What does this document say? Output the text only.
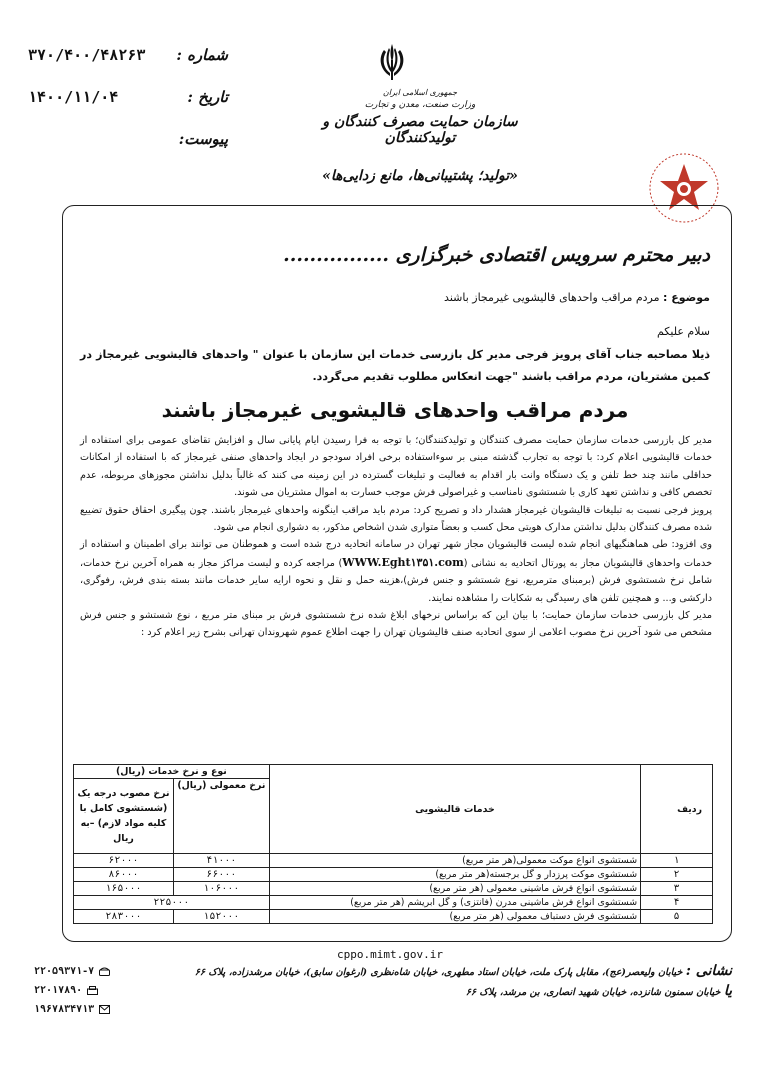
شماره :
۳۷۰/۴۰۰/۴۸۲۶۳
تاریخ :
۱۴۰۰/۱۱/۰۴
پیوست:
جمهوری اسلامی ایران
وزارت صنعت، معدن و تجارت
سازمان حمایت مصرف کنندگان و تولیدکنندگان
«تولید؛ پشتیبانی‌ها، مانع زدایی‌ها»
دبیر محترم سرویس اقتصادی خبرگزاری ................
موضوع : مردم مراقب واحدهای قالیشویی غیرمجاز باشند
سلام علیکم
ذیلا مصاحبه جناب آقای پرویز فرجی مدیر کل بازرسی خدمات این سازمان با عنوان " واحدهای قالیشویی غیرمجاز در کمین مشتریان، مردم مراقب باشند "جهت انعکاس مطلوب تقدیم می‌گردد.
مردم مراقب واحدهای قالیشویی غیرمجاز باشند

مدیر کل بازرسی خدمات سازمان حمایت مصرف کنندگان و تولیدکنندگان؛ با توجه به فرا رسیدن ایام پایانی سال و افزایش تقاضای عمومی برای استفاده از خدمات قالیشویی اعلام کرد: با توجه به تجارب گذشته مبنی بر سوءاستفاده برخی افراد سودجو در ایجاد واحدهای صنفی غیرمجاز که با استفاده از امکانات حداقلی مانند چند خط تلفن و یک دستگاه وانت بار اقدام به فعالیت و تبلیغات گسترده در این زمینه می کنند که غالباً بدلیل نداشتن مجوزهای مربوطه، عدم تخصص کافی و نداشتن تعهد کاری با شستشوی نامناسب و غیراصولی فرش موجب خسارت به اموال مشتریان می شوند.

پرویز فرجی نسبت به تبلیغات قالیشویان غیرمجاز هشدار داد و تصریح کرد: مردم باید مراقب اینگونه واحدهای غیرمجاز باشند. چون پیگیری احقاق حقوق تضییع شده مصرف کنندگان بدلیل نداشتن مدارک هویتی محل کسب و بعضاً متواری شدن اشخاص مذکور، به دشواری انجام می شود.

وی افزود: طی هماهنگیهای انجام شده لیست قالیشویان مجاز شهر تهران در سامانه اتحادیه درج شده است و هموطنان می توانند برای اطمینان و استفاده از خدمات واحدهای قالیشویان مجاز به پورتال اتحادیه به نشانی (WWW.Eght۱۳۵۱.com) مراجعه کرده و لیست مراکز مجاز به همراه آخرین نرخ خدمات، شامل نرخ شستشوی فرش (برمبنای مترمربع، نوع شستشو و جنس فرش)،هزینه حمل و نقل و نحوه ارایه سایر خدمات مانند بسته بندی فرش، رفوگری، دارکشی و... و همچنین تلفن های رسیدگی به شکایات را مشاهده نمایند.

مدیر کل بازرسی خدمات سازمان حمایت؛ با بیان این که براساس نرخهای ابلاغ شده نرخ شستشوی فرش بر مبنای متر مربع ، نوع شستشو و جنس فرش مشخص می شود آخرین نرخ مصوب اعلامی از سوی اتحادیه صنف قالیشویان تهران را جهت اطلاع عموم شهروندان تهرانی بشرح زیر اعلام کرد :

ردیف	خدمات قالیشویی	نوع و نرخ خدمات (ریال)	
		نرخ معمولی (ریال)	نرخ مصوب درجه یک (شستشوی کامل با کلیه مواد لازم) –به ریال
۱	شستشوی انواع موکت معمولی(هر متر مربع)	۴۱۰۰۰	۶۲۰۰۰
۲	شستشوی موکت پرزدار و گل برجسته(هر متر مربع)	۶۶۰۰۰	۸۶۰۰۰
۳	شستشوی انواع فرش ماشینی معمولی (هر متر مربع)	۱۰۶۰۰۰	۱۶۵۰۰۰
۴	شستشوی انواع فرش ماشینی مدرن (فانتزی) و گل ابریشم (هر متر مربع)	۲۲۵۰۰۰	
۵	شستشوی فرش دستباف معمولی (هر متر مربع)	۱۵۲۰۰۰	۲۸۳۰۰۰
cppo.mimt.gov.ir
نشانی : خیابان ولیعصر(عج)، مقابل پارک ملت، خیابان استاد مطهری، خیابان شاه‌نظری (ارغوان سابق)، خیابان مرشدزاده، پلاک ۶۶
یا خیابان سمنون شانزده، خیابان شهید انصاری، بن مرشد، پلاک ۶۶
۲۲۰۵۹۳۷۱-۷
۲۲۰۱۷۸۹۰
۱۹۶۷۸۳۴۷۱۳
